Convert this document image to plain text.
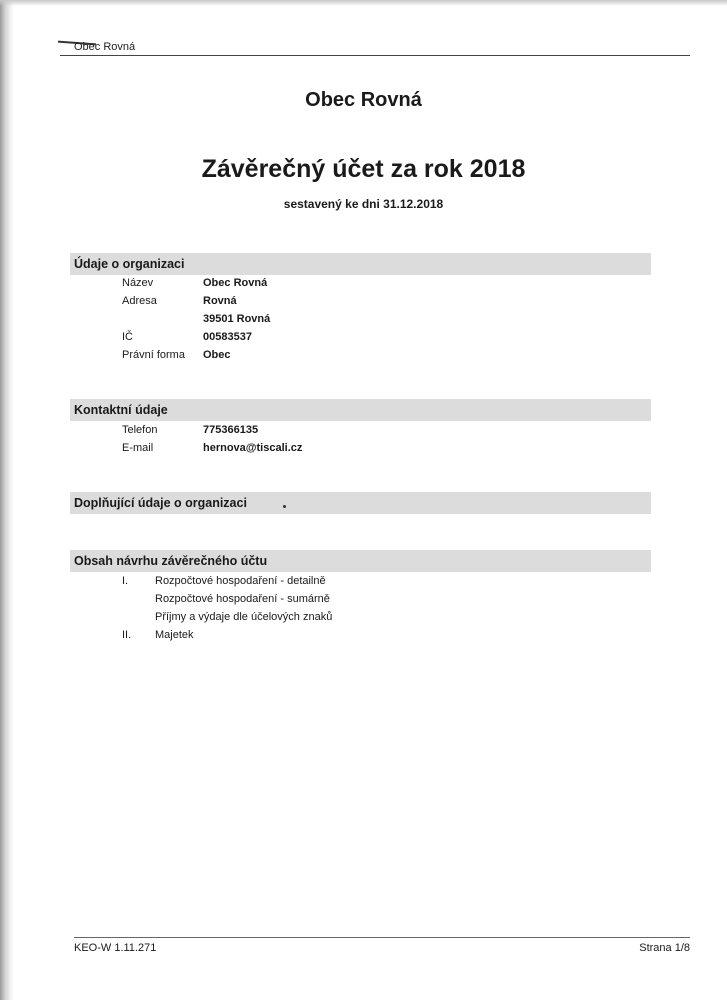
Obec Rovná
Obec Rovná
Závěrečný účet za rok 2018
sestavený ke dni 31.12.2018
Údaje o organizaci
Název	Obec Rovná
Adresa	Rovná
39501 Rovná
IČ	00583537
Právní forma Obec
Kontaktní údaje
Telefon	775366135
E-mail	hernova@tiscali.cz
Doplňující údaje o organizaci
Obsah návrhu závěrečného účtu
I. Rozpočtové hospodaření - detailně
Rozpočtové hospodaření - sumárně
Příjmy a výdaje dle účelových znaků
II. Majetek
KEO-W 1.11.271	Strana 1/8
